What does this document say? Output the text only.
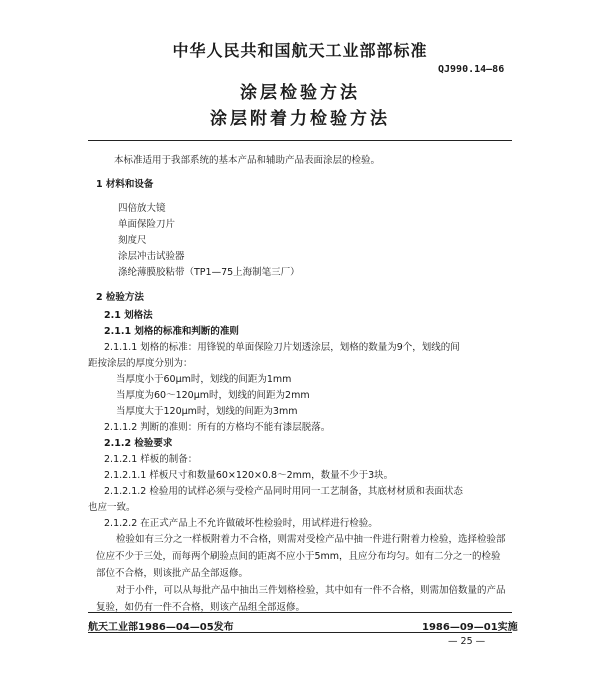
中华人民共和国航天工业部部标准
QJ990.14—86
涂层检验方法
涂层附着力检验方法
本标准适用于我部系统的基本产品和辅助产品表面涂层的检验。
1 材料和设备
四倍放大镜
单面保险刀片
刻度尺
涂层冲击试验器
涤纶薄膜胶粘带（TP1—75上海制笔三厂）
2 检验方法
2.1 划格法
2.1.1 划格的标准和判断的准则
2.1.1.1 划格的标准：用锋锐的单面保险刀片划透涂层，划格的数量为9个，划线的间
距按涂层的厚度分别为：
当厚度小于60μm时，划线的间距为1mm
当厚度为60～120μm时，划线的间距为2mm
当厚度大于120μm时，划线的间距为3mm
2.1.1.2 判断的准则：所有的方格均不能有漆层脱落。
2.1.2 检验要求
2.1.2.1 样板的制备：
2.1.2.1.1 样板尺寸和数量60×120×0.8～2mm，数量不少于3块。
2.1.2.1.2 检验用的试样必须与受检产品同时用同一工艺制备，其底材材质和表面状态
也应一致。
2.1.2.2 在正式产品上不允许做破坏性检验时，用试样进行检验。
检验如有三分之一样板附着力不合格，则需对受检产品中抽一件进行附着力检验，选择检验部位应不少于三处，而每两个刷验点间的距离不应小于5mm，且应分布均匀。如有二分之一的检验部位不合格，则该批产品全部返修。
对于小件，可以从每批产品中抽出三件划格检验，其中如有一件不合格，则需加倍数量的产品复验，如仍有一件不合格，则该产品组全部返修。
航天工业部1986—04—05发布	1986—09—01实施
— 25 —
